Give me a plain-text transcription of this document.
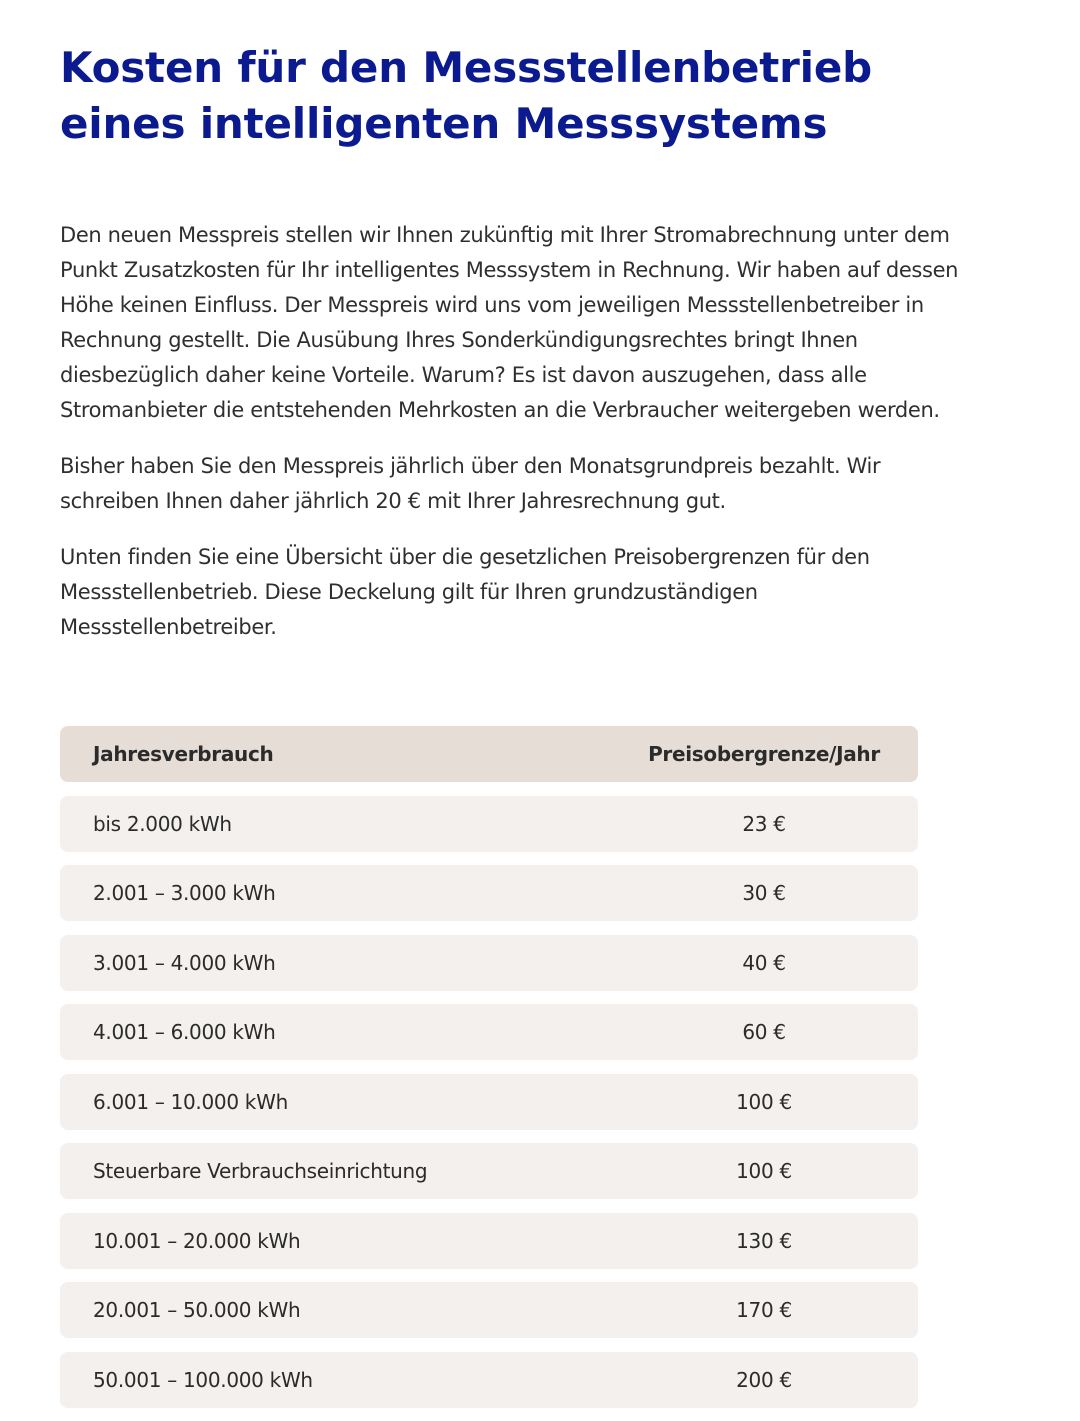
Kosten für den Messstellenbetrieb
eines intelligenten Messsystems

Den neuen Messpreis stellen wir Ihnen zukünftig mit Ihrer Stromabrechnung unter dem Punkt Zusatzkosten für Ihr intelligentes Messsystem in Rechnung. Wir haben auf dessen Höhe keinen Einfluss. Der Messpreis wird uns vom jeweiligen Messstellenbetreiber in Rechnung gestellt. Die Ausübung Ihres Sonderkündigungsrechtes bringt Ihnen diesbezüglich daher keine Vorteile. Warum? Es ist davon auszugehen, dass alle Stromanbieter die entstehenden Mehrkosten an die Verbraucher weitergeben werden.

Bisher haben Sie den Messpreis jährlich über den Monatsgrundpreis bezahlt. Wir schreiben Ihnen daher jährlich 20 € mit Ihrer Jahresrechnung gut.

Unten finden Sie eine Übersicht über die gesetzlichen Preisobergrenzen für den Messstellenbetrieb. Diese Deckelung gilt für Ihren grundzuständigen Messstellenbetreiber.

Jahresverbrauch	Preisobergrenze/Jahr
bis 2.000 kWh	23 €
2.001 – 3.000 kWh	30 €
3.001 – 4.000 kWh	40 €
4.001 – 6.000 kWh	60 €
6.001 – 10.000 kWh	100 €
Steuerbare Verbrauchseinrichtung	100 €
10.001 – 20.000 kWh	130 €
20.001 – 50.000 kWh	170 €
50.001 – 100.000 kWh	200 €
